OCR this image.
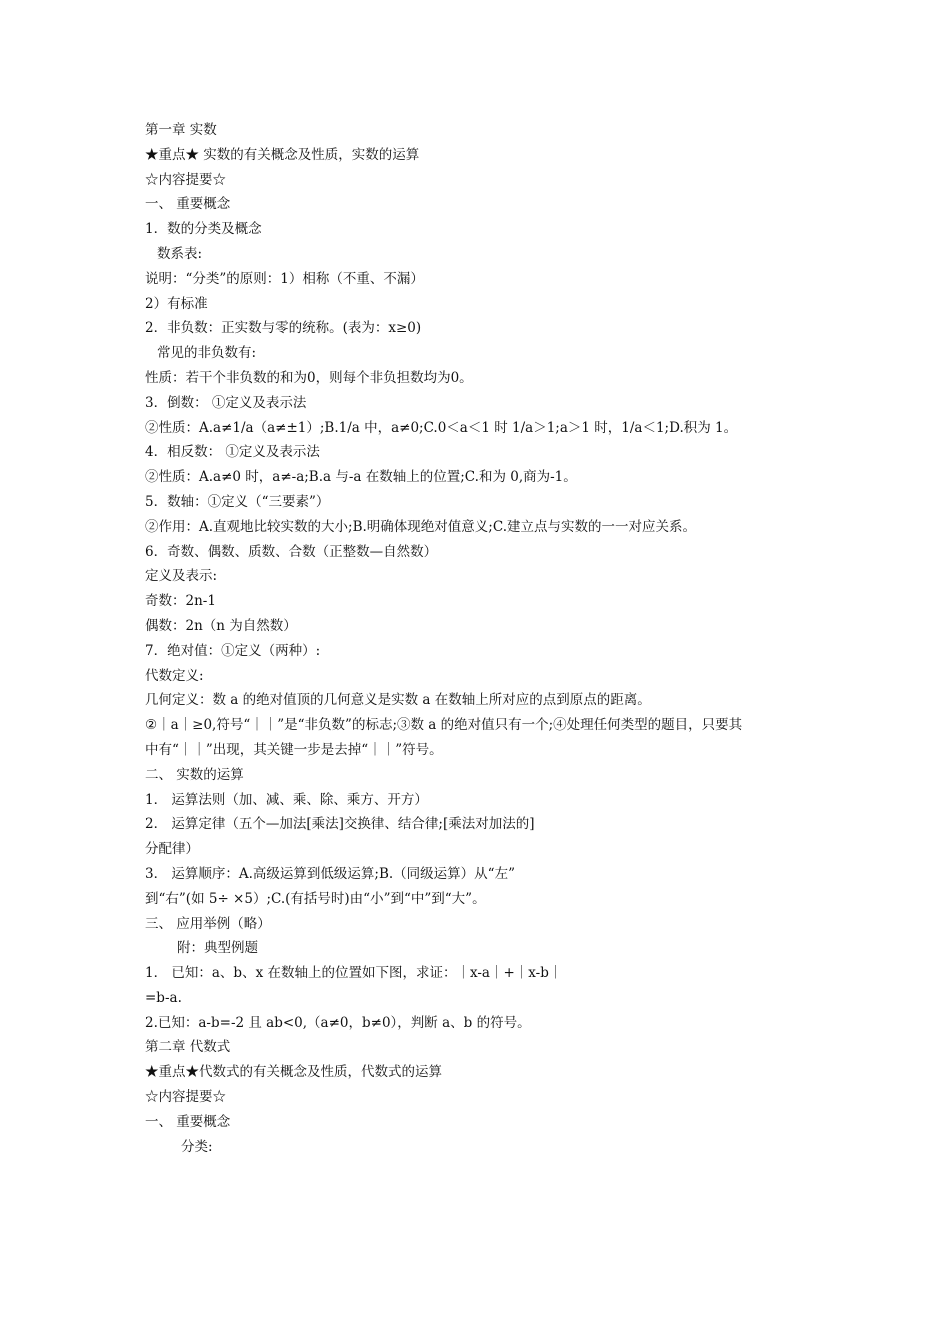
第一章 实数
★重点★ 实数的有关概念及性质，实数的运算
☆内容提要☆
一、 重要概念
1．数的分类及概念
数系表:
说明：“分类”的原则：1）相称（不重、不漏）
2）有标准
2．非负数：正实数与零的统称。(表为：x≥0)
常见的非负数有:
性质：若干个非负数的和为0，则每个非负担数均为0。
3．倒数： ①定义及表示法
②性质：A.a≠1/a（a≠±1）;B.1/a 中，a≠0;C.0＜a＜1 时 1/a＞1;a＞1 时，1/a＜1;D.积为 1。
4．相反数： ①定义及表示法
②性质：A.a≠0 时，a≠-a;B.a 与-a 在数轴上的位置;C.和为 0,商为-1。
5．数轴：①定义（“三要素”）
②作用：A.直观地比较实数的大小;B.明确体现绝对值意义;C.建立点与实数的一一对应关系。
6．奇数、偶数、质数、合数（正整数—自然数）
定义及表示:
奇数：2n-1
偶数：2n（n 为自然数）
7．绝对值：①定义（两种）:
代数定义:
几何定义：数 a 的绝对值顶的几何意义是实数 a 在数轴上所对应的点到原点的距离。
②｜a｜≥0,符号“｜｜”是“非负数”的标志;③数 a 的绝对值只有一个;④处理任何类型的题目，只要其
中有“｜｜”出现，其关键一步是去掉“｜｜”符号。
二、 实数的运算
1． 运算法则（加、减、乘、除、乘方、开方）
2． 运算定律（五个—加法[乘法]交换律、结合律;[乘法对加法的]
分配律）
3． 运算顺序：A.高级运算到低级运算;B.（同级运算）从“左”
到“右”(如 5÷ ×5）;C.(有括号时)由“小”到“中”到“大”。
三、 应用举例（略）
附：典型例题
1． 已知：a、b、x 在数轴上的位置如下图，求证：｜x-a｜+｜x-b｜
=b-a.
2.已知：a-b=-2 且 ab<0,（a≠0，b≠0），判断 a、b 的符号。
第二章 代数式
★重点★代数式的有关概念及性质，代数式的运算
☆内容提要☆
一、 重要概念
分类:
